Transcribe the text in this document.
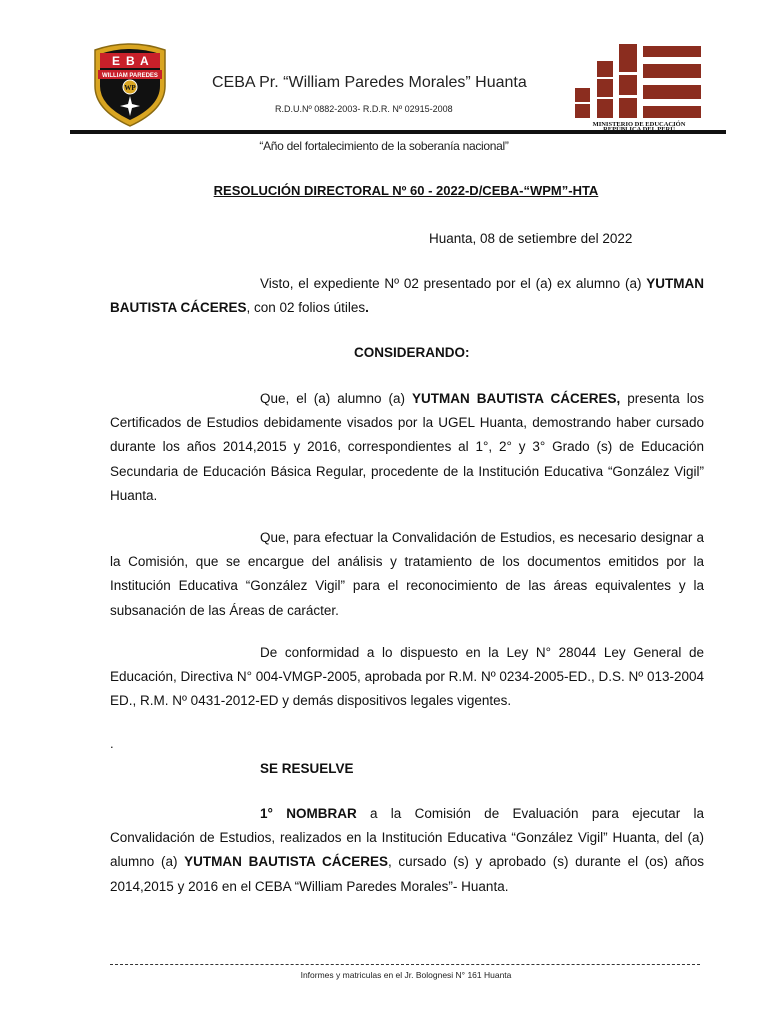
E B A
WILLIAM PAREDES
WP	CEBA Pr. “William Paredes Morales” Huanta
R.D.U.Nº 0882-2003- R.D.R. Nº 02915-2008
MINISTERIO DE EDUCACIÓN
“Año del fortalecimiento de la soberanía nacional”
RESOLUCIÓN DIRECTORAL Nº 60 - 2022-D/CEBA-“WPM”-HTA
Huanta, 08 de setiembre del 2022
Visto, el expediente Nº 02 presentado por el (a) ex alumno (a) YUTMAN BAUTISTA CÁCERES, con 02 folios útiles.
CONSIDERANDO:
Que, el (a) alumno (a) YUTMAN BAUTISTA CÁCERES, presenta los Certificados de Estudios debidamente visados por la UGEL Huanta, demostrando haber cursado durante los años 2014,2015 y 2016, correspondientes al 1°, 2° y 3° Grado (s) de Educación Secundaria de Educación Básica Regular, procedente de la Institución Educativa “González Vigil” Huanta.
Que, para efectuar la Convalidación de Estudios, es necesario designar a la Comisión, que se encargue del análisis y tratamiento de los documentos emitidos por la Institución Educativa “González Vigil” para el reconocimiento de las áreas equivalentes y la subsanación de las Áreas de carácter.
De conformidad a lo dispuesto en la Ley N° 28044 Ley General de Educación, Directiva N° 004-VMGP-2005, aprobada por R.M. Nº 0234-2005-ED., D.S. Nº 013-2004 ED., R.M. Nº 0431-2012-ED y demás dispositivos legales vigentes.
.
SE RESUELVE
1° NOMBRAR a la Comisión de Evaluación para ejecutar la Convalidación de Estudios, realizados en la Institución Educativa “González Vigil” Huanta, del (a) alumno (a) YUTMAN BAUTISTA CÁCERES, cursado (s) y aprobado (s) durante el (os) años 2014,2015 y 2016 en el CEBA “William Paredes Morales”- Huanta.
Informes y matriculas en el Jr. Bolognesi N° 161 Huanta
